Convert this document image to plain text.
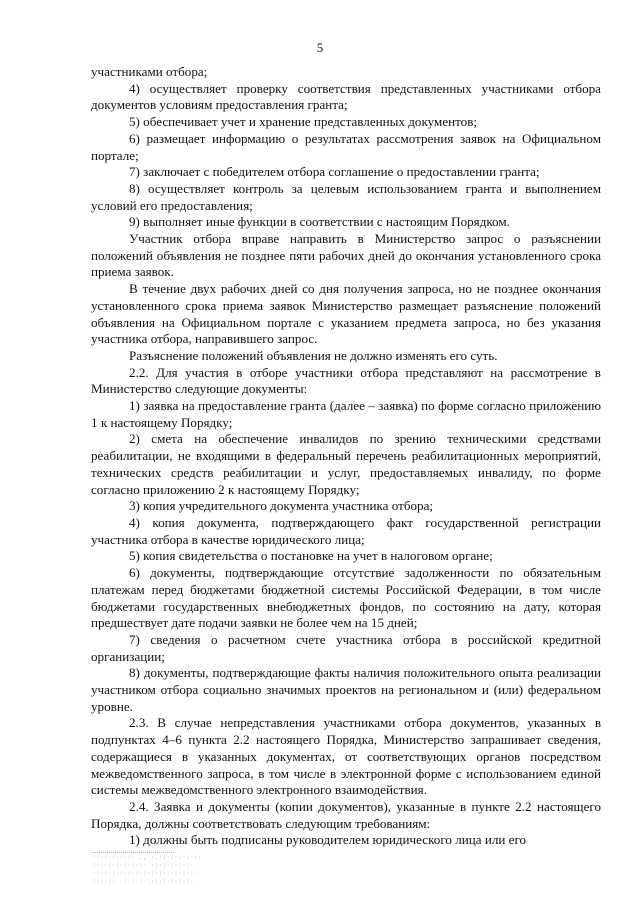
5

участниками отбора;

4) осуществляет проверку соответствия представленных участниками отбора документов условиям предоставления гранта;

5) обеспечивает учет и хранение представленных документов;

6) размещает информацию о результатах рассмотрения заявок на Официальном портале;

7) заключает с победителем отбора соглашение о предоставлении гранта;

8) осуществляет контроль за целевым использованием гранта и выполнением условий его предоставления;

9) выполняет иные функции в соответствии с настоящим Порядком.

Участник отбора вправе направить в Министерство запрос о разъяснении положений объявления не позднее пяти рабочих дней до окончания установленного срока приема заявок.

В течение двух рабочих дней со дня получения запроса, но не позднее окончания установленного срока приема заявок Министерство размещает разъяснение положений объявления на Официальном портале с указанием предмета запроса, но без указания участника отбора, направившего запрос.

Разъяснение положений объявления не должно изменять его суть.

2.2. Для участия в отборе участники отбора представляют на рассмотрение в Министерство следующие документы:

1) заявка на предоставление гранта (далее – заявка) по форме согласно приложению 1 к настоящему Порядку;

2) смета на обеспечение инвалидов по зрению техническими средствами реабилитации, не входящими в федеральный перечень реабилитационных мероприятий, технических средств реабилитации и услуг, предоставляемых инвалиду, по форме согласно приложению 2 к настоящему Порядку;

3) копия учредительного документа участника отбора;

4) копия документа, подтверждающего факт государственной регистрации участника отбора в качестве юридического лица;

5) копия свидетельства о постановке на учет в налоговом органе;

6) документы, подтверждающие отсутствие задолженности по обязательным платежам перед бюджетами бюджетной системы Российской Федерации, в том числе бюджетами государственных внебюджетных фондов, по состоянию на дату, которая предшествует дате подачи заявки не более чем на 15 дней;

7) сведения о расчетном счете участника отбора в российской кредитной организации;

8) документы, подтверждающие факты наличия положительного опыта реализации участником отбора социально значимых проектов на региональном и (или) федеральном уровне.

2.3. В случае непредставления участниками отбора документов, указанных в подпунктах 4–6 пункта 2.2 настоящего Порядка, Министерство запрашивает сведения, содержащиеся в указанных документах, от соответствующих органов посредством межведомственного запроса, в том числе в электронной форме с использованием единой системы межведомственного электронного взаимодействия.

2.4. Заявка и документы (копии документов), указанные в пункте 2.2 настоящего Порядка, должны соответствовать следующим требованиям:

1) должны быть подписаны руководителем юридического лица или его

·:·:·:·:·:· ,, ·.·:·:·:·:·:·
:·:·:·:·:·:·:· ·:·:·:·:·:·
·:·:·:·:·:·:·:·:·:·:·:·:·:·
:·:·:· ·:·:·:·:·:·:·:·:·:·
